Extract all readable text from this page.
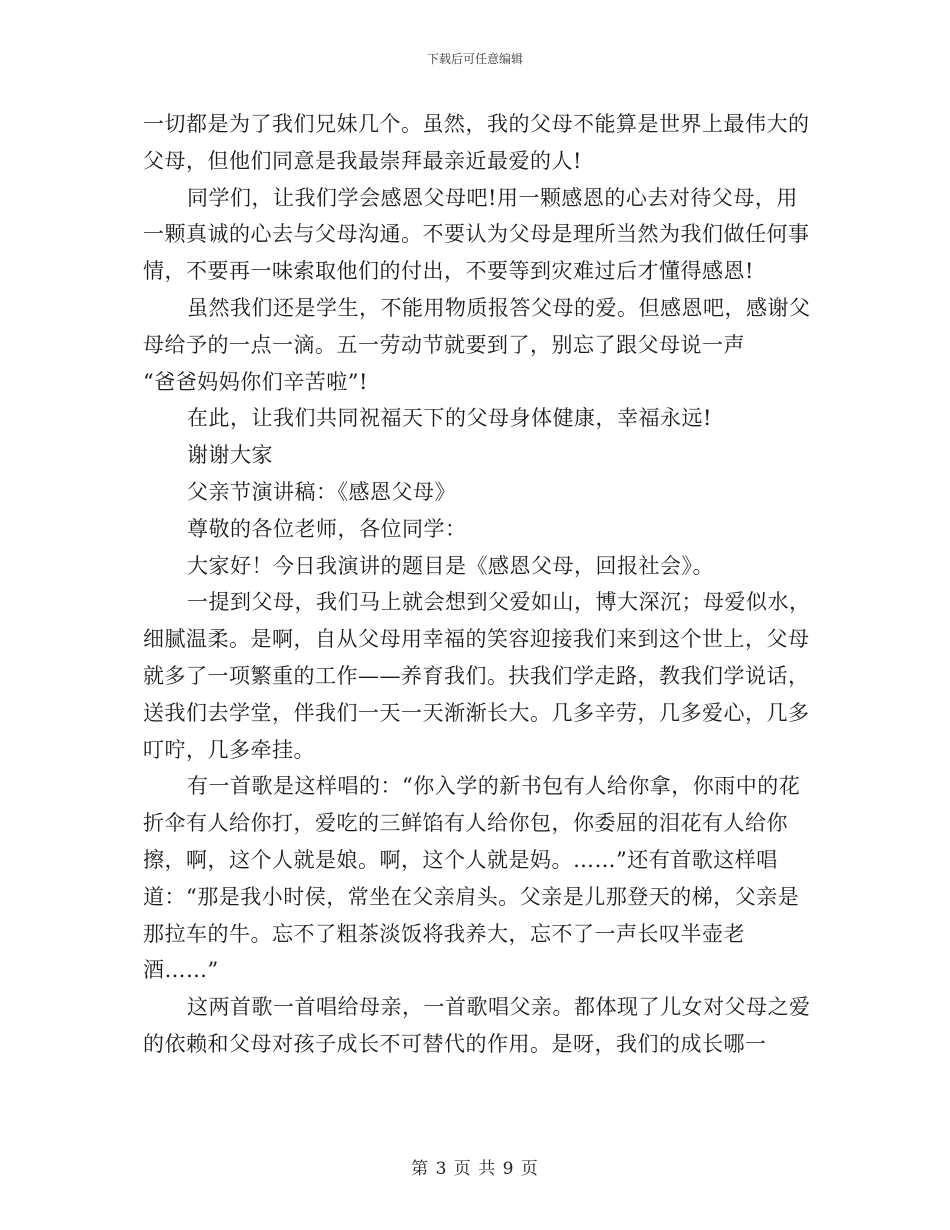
下载后可任意编辑

一切都是为了我们兄妹几个。虽然，我的父母不能算是世界上最伟大的父母，但他们同意是我最崇拜最亲近最爱的人!

同学们，让我们学会感恩父母吧!用一颗感恩的心去对待父母，用一颗真诚的心去与父母沟通。不要认为父母是理所当然为我们做任何事情，不要再一味索取他们的付出，不要等到灾难过后才懂得感恩!

虽然我们还是学生，不能用物质报答父母的爱。但感恩吧，感谢父母给予的一点一滴。五一劳动节就要到了，别忘了跟父母说一声
“爸爸妈妈你们辛苦啦”!

在此，让我们共同祝福天下的父母身体健康，幸福永远!

谢谢大家

父亲节演讲稿：《感恩父母》

尊敬的各位老师，各位同学：

大家好！今日我演讲的题目是《感恩父母，回报社会》。

一提到父母，我们马上就会想到父爱如山，博大深沉；母爱似水，细腻温柔。是啊，自从父母用幸福的笑容迎接我们来到这个世上，父母就多了一项繁重的工作——养育我们。扶我们学走路，教我们学说话，送我们去学堂，伴我们一天一天渐渐长大。几多辛劳，几多爱心，几多叮咛，几多牵挂。

有一首歌是这样唱的：“你入学的新书包有人给你拿，你雨中的花折伞有人给你打，爱吃的三鲜馅有人给你包，你委屈的泪花有人给你擦，啊，这个人就是娘。啊，这个人就是妈。……”还有首歌这样唱道：“那是我小时侯，常坐在父亲肩头。父亲是儿那登天的梯，父亲是那拉车的牛。忘不了粗茶淡饭将我养大，忘不了一声长叹半壶老酒……”

这两首歌一首唱给母亲，一首歌唱父亲。都体现了儿女对父母之爱的依赖和父母对孩子成长不可替代的作用。是呀，我们的成长哪一

第 3 页 共 9 页
